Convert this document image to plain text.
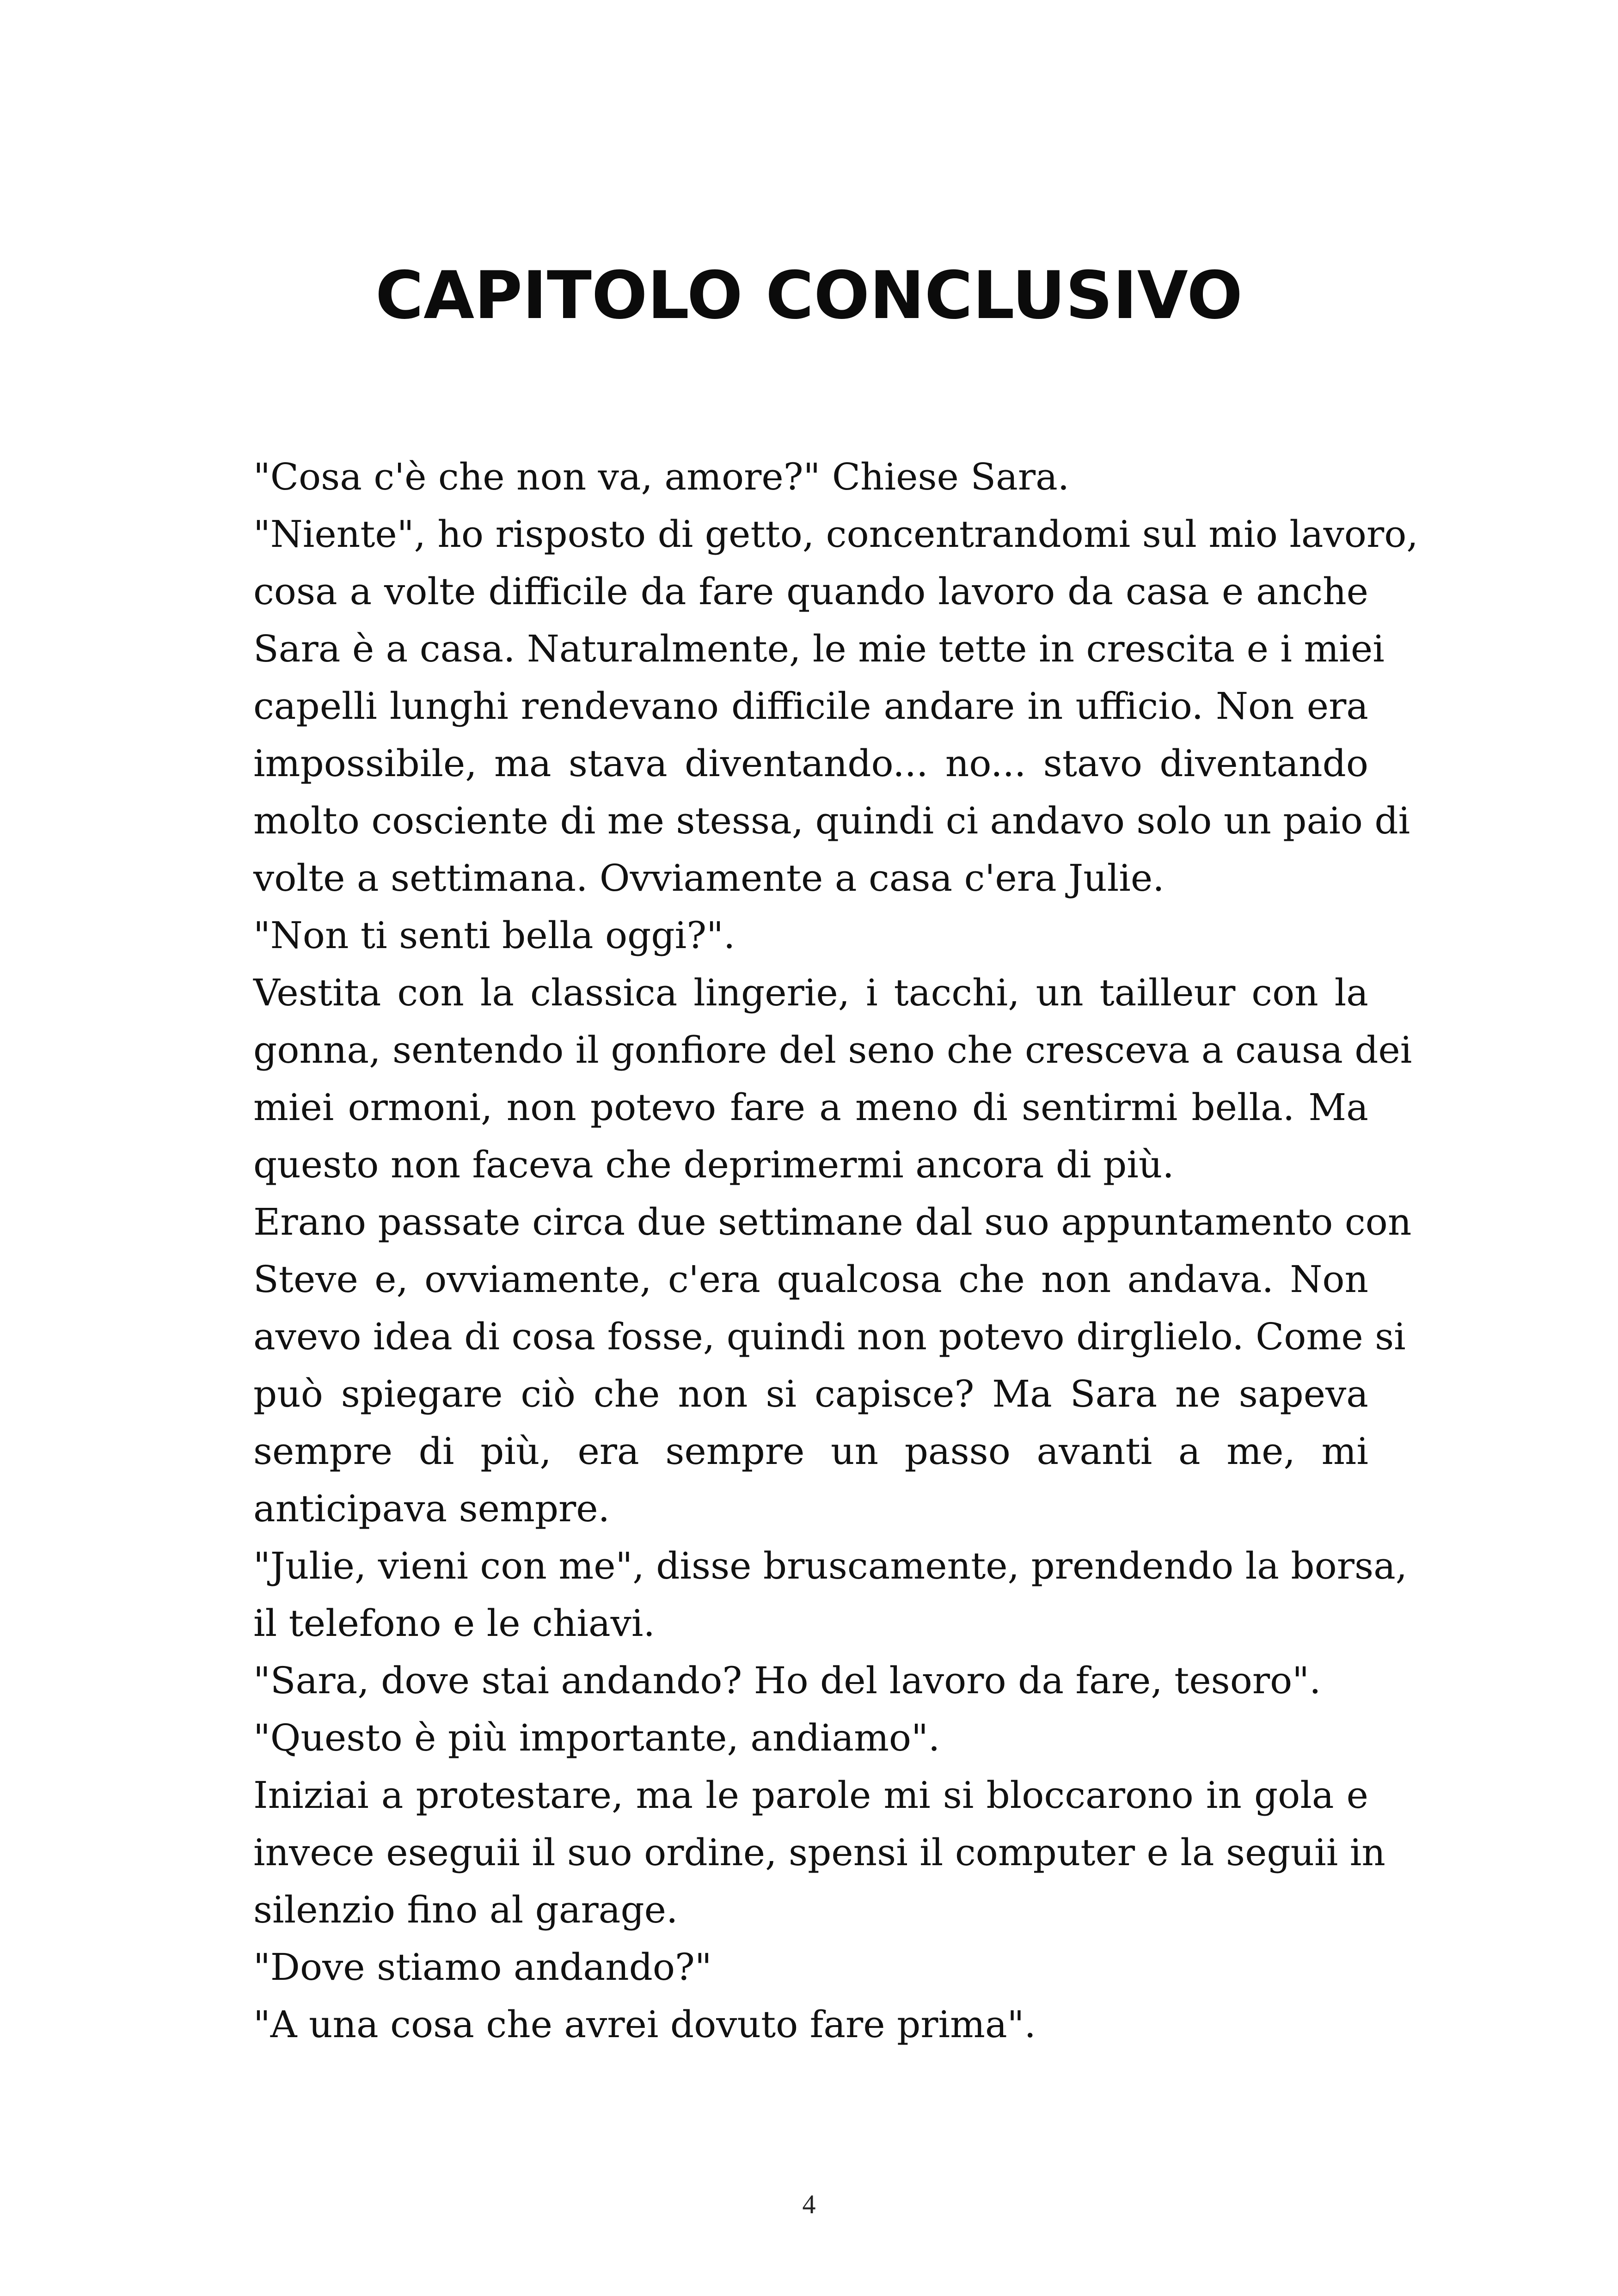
CAPITOLO CONCLUSIVO
"Cosa c'è che non va, amore?" Chiese Sara.
"Niente", ho risposto di getto, concentrandomi sul mio lavoro,
cosa a volte difficile da fare quando lavoro da casa e anche
Sara è a casa. Naturalmente, le mie tette in crescita e i miei
capelli lunghi rendevano difficile andare in ufficio. Non era
impossibile, ma stava diventando... no... stavo diventando
molto cosciente di me stessa, quindi ci andavo solo un paio di
volte a settimana. Ovviamente a casa c'era Julie.
"Non ti senti bella oggi?".
Vestita con la classica lingerie, i tacchi, un tailleur con la
gonna, sentendo il gonfiore del seno che cresceva a causa dei
miei ormoni, non potevo fare a meno di sentirmi bella. Ma
questo non faceva che deprimermi ancora di più.
Erano passate circa due settimane dal suo appuntamento con
Steve e, ovviamente, c'era qualcosa che non andava. Non
avevo idea di cosa fosse, quindi non potevo dirglielo. Come si
può spiegare ciò che non si capisce? Ma Sara ne sapeva
sempre di più, era sempre un passo avanti a me, mi
anticipava sempre.
"Julie, vieni con me", disse bruscamente, prendendo la borsa,
il telefono e le chiavi.
"Sara, dove stai andando? Ho del lavoro da fare, tesoro".
"Questo è più importante, andiamo".
Iniziai a protestare, ma le parole mi si bloccarono in gola e
invece eseguii il suo ordine, spensi il computer e la seguii in
silenzio fino al garage.
"Dove stiamo andando?"
"A una cosa che avrei dovuto fare prima".
4
